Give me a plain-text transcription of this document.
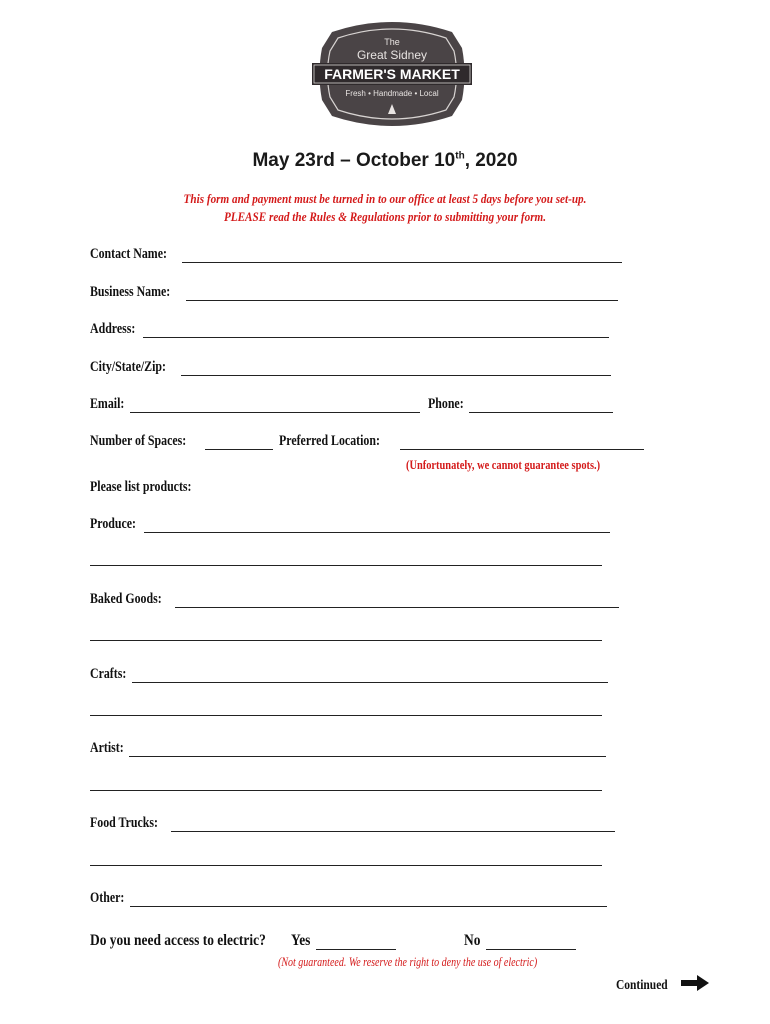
The
Great Sidney
FARMER'S MARKET
Fresh • Handmade • Local
May 23rd – October 10th, 2020
This form and payment must be turned in to our office at least 5 days before you set-up.
PLEASE read the Rules & Regulations prior to submitting your form.
Contact Name:
Business Name:
Address:
City/State/Zip:
Email:	Phone:
Number of Spaces:	Preferred Location:
(Unfortunately, we cannot guarantee spots.)
Please list products:
Produce:
Baked Goods:
Crafts:
Artist:
Food Trucks:
Other:
Do you need access to electric? Yes	No
(Not guaranteed. We reserve the right to deny the use of electric)
Continued
